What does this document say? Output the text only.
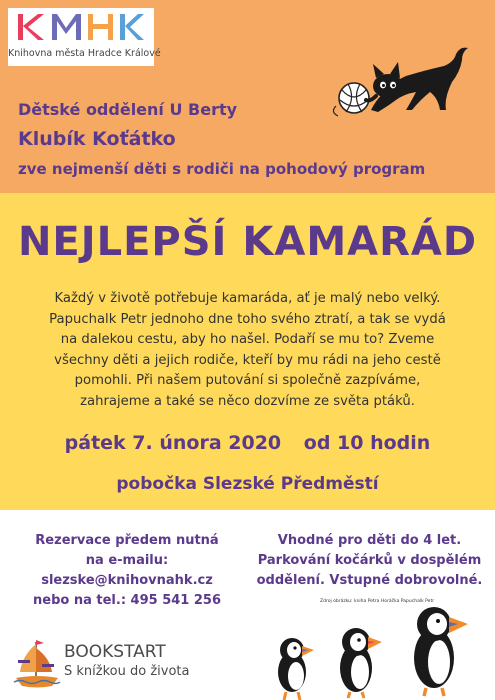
Knihovna města Hradce Králové
Dětské oddělení U Berty
Klubík Koťátko
zve nejmenší děti s rodiči na pohodový program
NEJLEPŠÍ KAMARÁD
Každý v životě potřebuje kamaráda, ať je malý nebo velký.
Papuchalk Petr jednoho dne toho svého ztratí, a tak se vydá
na dalekou cestu, aby ho našel. Podaří se mu to? Zveme
všechny děti a jejich rodiče, kteří by mu rádi na jeho cestě
pomohli. Při našem putování si společně zazpíváme,
zahrajeme a také se něco dozvíme ze světa ptáků.
pátek 7. února 2020 od 10 hodin
pobočka Slezské Předměstí
Rezervace předem nutná
na e-mailu:
slezske@knihovnahk.cz
nebo na tel.: 495 541 256
Vhodné pro děti do 4 let.
Parkování kočárků v dospělém
oddělení. Vstupné dobrovolné.
BOOKSTART
S knížkou do života
Zdroj obrázku: kniha Petra Horáčka Papuchalk Petr
